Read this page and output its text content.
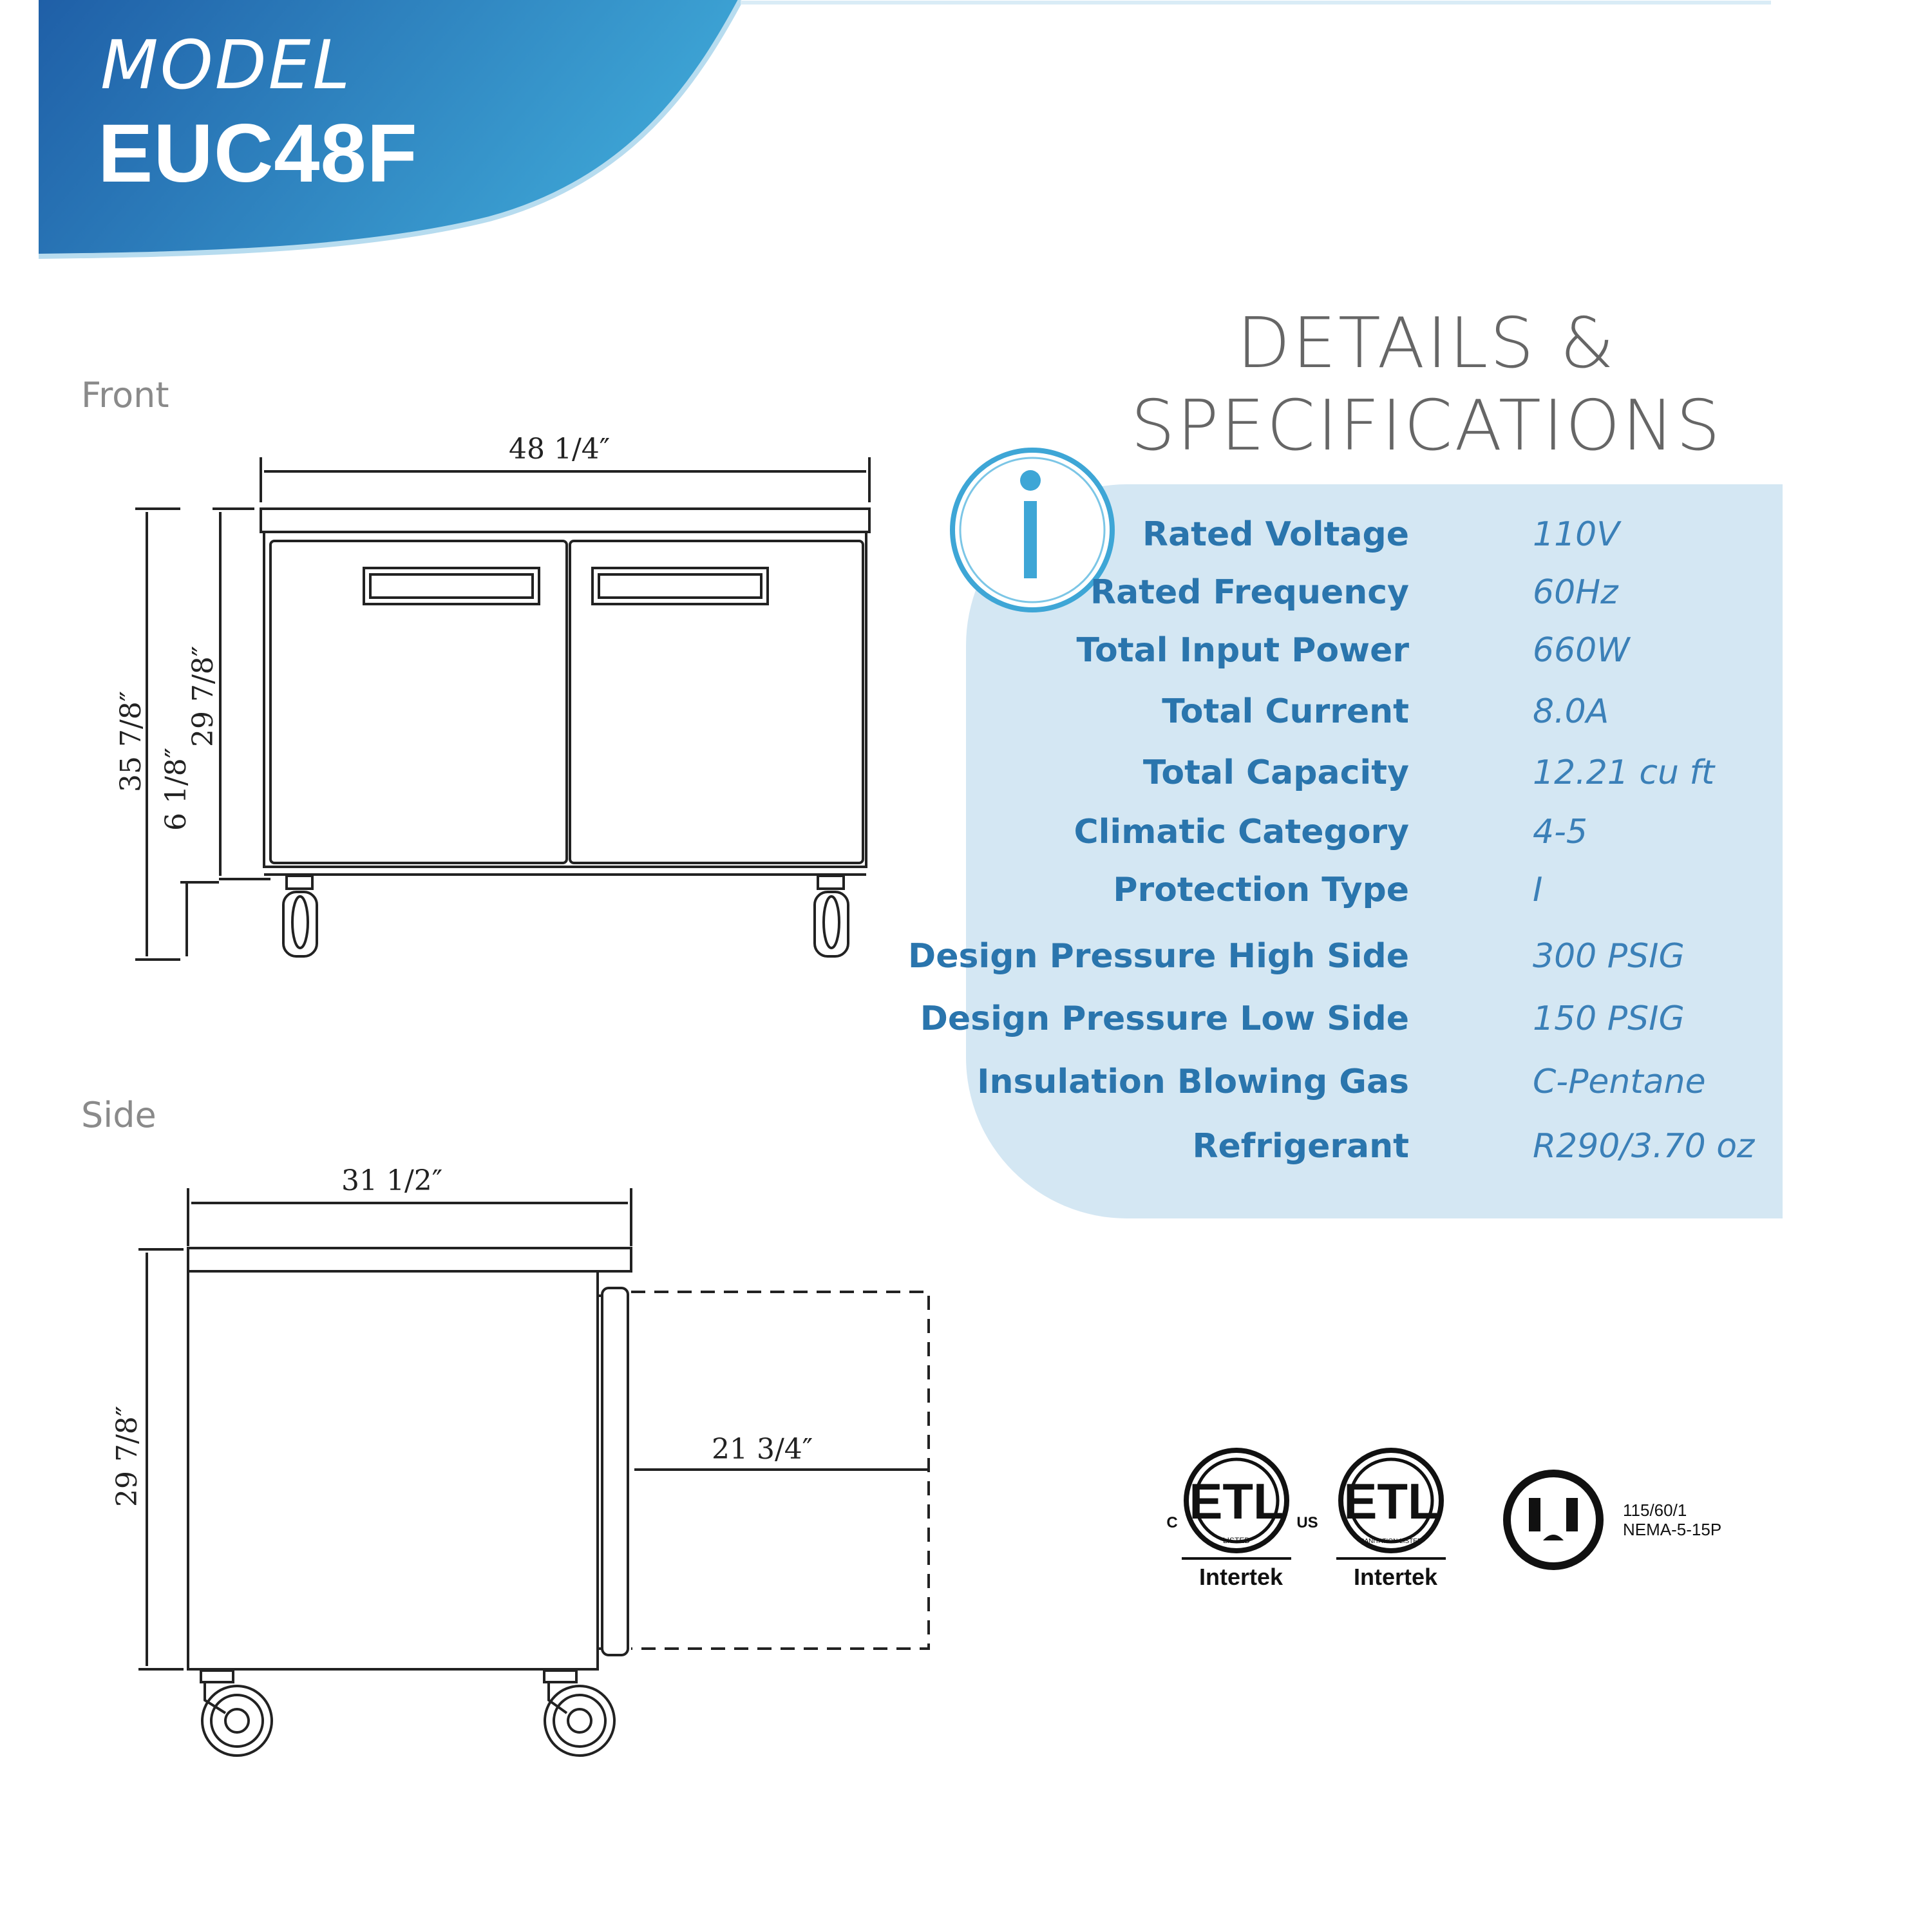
MODEL
EUC48F
Front
Side
48 1/4″
35 7/8″ 6 1/8″
29 7/8″
31 1/2″
29 7/8″	21 3/4″
DETAILS &
SPECIFICATIONS
Rated Voltage	110V
Rated Frequency	60Hz
Total Input Power	660W
Total Current	8.0A
Total Capacity	12.21 cu ft
Climatic Category	4-5
Protection Type	I
Design Pressure High Side	300 PSIG
Design Pressure Low Side	150 PSIG
Insulation Blowing Gas	C-Pentane
Refrigerant	R290/3.70 oz
ETL
C	US
LISTED
Intertek
ETL
SANITATION LISTED
Intertek
115/60/1
NEMA-5-15P
